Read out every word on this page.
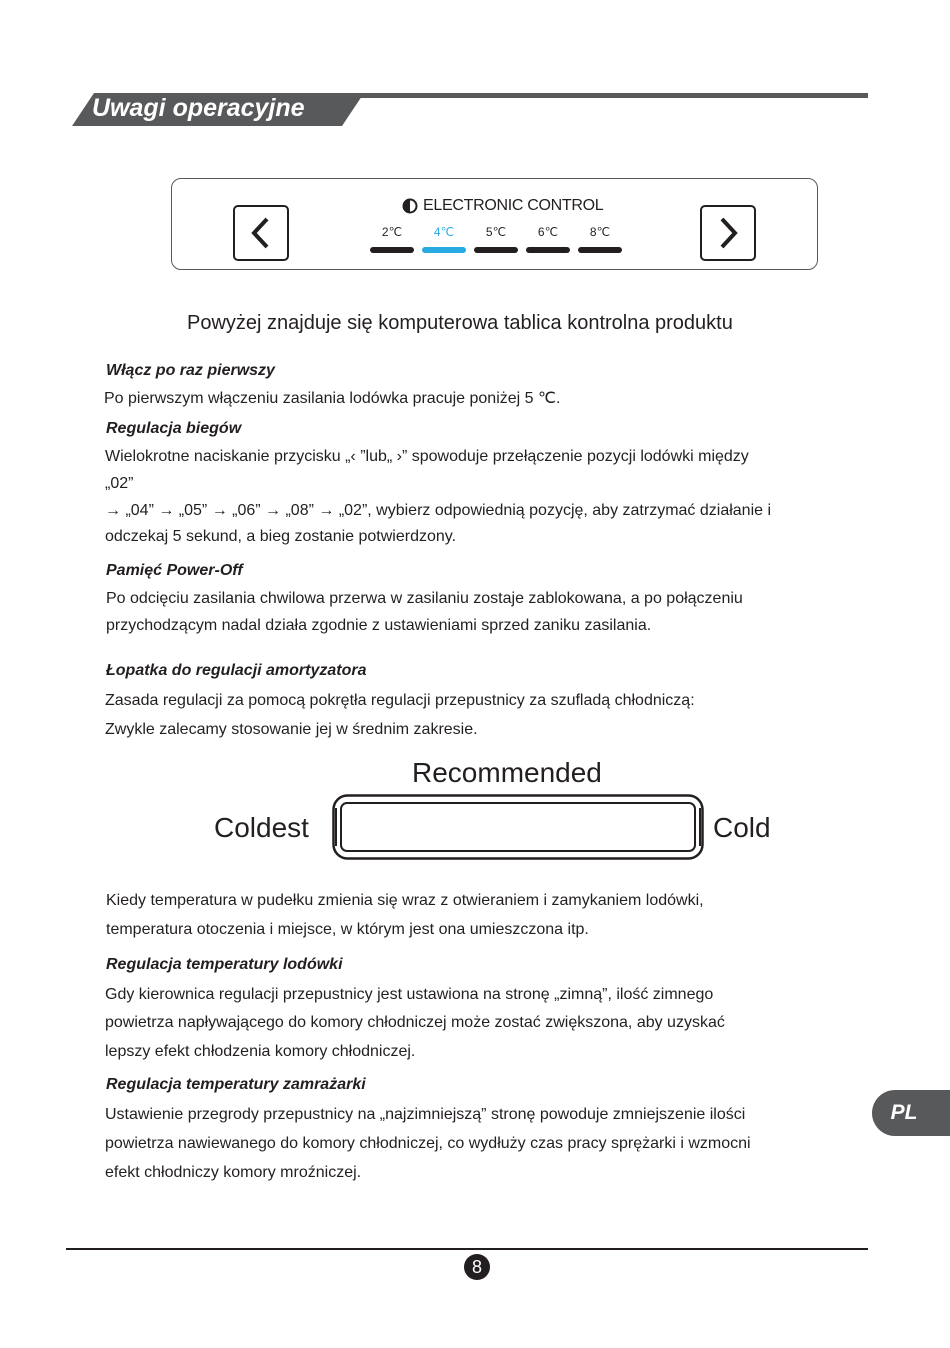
Uwagi operacyjne
ELECTRONIC CONTROL
2℃	4℃	5℃	6℃	8℃
Powyżej znajduje się komputerowa tablica kontrolna produktu
Włącz po raz pierwszy
Po pierwszym włączeniu zasilania lodówka pracuje poniżej 5 ℃.
Regulacja biegów
Wielokrotne naciskanie przycisku „‹ ”lub„ ›” spowoduje przełączenie pozycji lodówki między
„02”
→ „04” → „05” → „06” → „08” → „02”, wybierz odpowiednią pozycję, aby zatrzymać działanie i
odczekaj 5 sekund, a bieg zostanie potwierdzony.
Pamięć Power-Off
Po odcięciu zasilania chwilowa przerwa w zasilaniu zostaje zablokowana, a po połączeniu
przychodzącym nadal działa zgodnie z ustawieniami sprzed zaniku zasilania.
Łopatka do regulacji amortyzatora
Zasada regulacji za pomocą pokrętła regulacji przepustnicy za szufladą chłodniczą:
Zwykle zalecamy stosowanie jej w średnim zakresie.
Recommended
Coldest	Cold
Kiedy temperatura w pudełku zmienia się wraz z otwieraniem i zamykaniem lodówki,
temperatura otoczenia i miejsce, w którym jest ona umieszczona itp.
Regulacja temperatury lodówki
Gdy kierownica regulacji przepustnicy jest ustawiona na stronę „zimną”, ilość zimnego
powietrza napływającego do komory chłodniczej może zostać zwiększona, aby uzyskać
lepszy efekt chłodzenia komory chłodniczej.
Regulacja temperatury zamrażarki
Ustawienie przegrody przepustnicy na „najzimniejszą” stronę powoduje zmniejszenie ilości
powietrza nawiewanego do komory chłodniczej, co wydłuży czas pracy sprężarki i wzmocni
efekt chłodniczy komory mroźniczej.
PL
8
